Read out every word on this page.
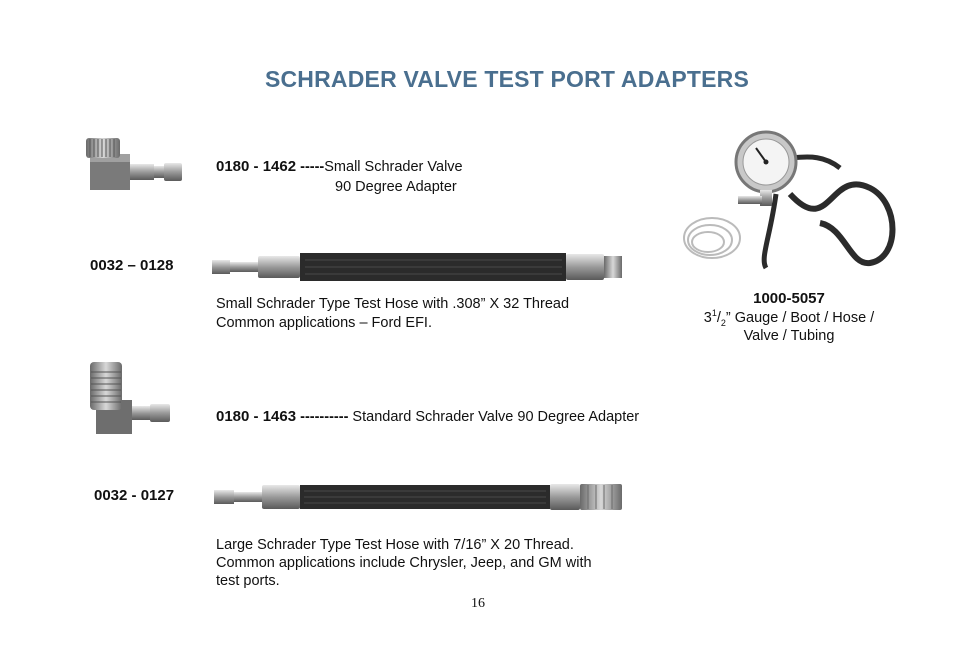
SCHRADER VALVE TEST PORT ADAPTERS
0180 - 1462 -----Small Schrader Valve
90 Degree Adapter
0032 – 0128
Small Schrader Type Test Hose with .308” X 32 Thread
Common applications – Ford EFI.
1000-5057
$3^1/_2$” Gauge / Boot / Hose /
Valve / Tubing
0180 - 1463 ---------- Standard Schrader Valve 90 Degree Adapter
0032 - 0127
Large Schrader Type Test Hose with 7/16” X 20 Thread.
Common applications include Chrysler, Jeep, and GM with
test ports.
16
